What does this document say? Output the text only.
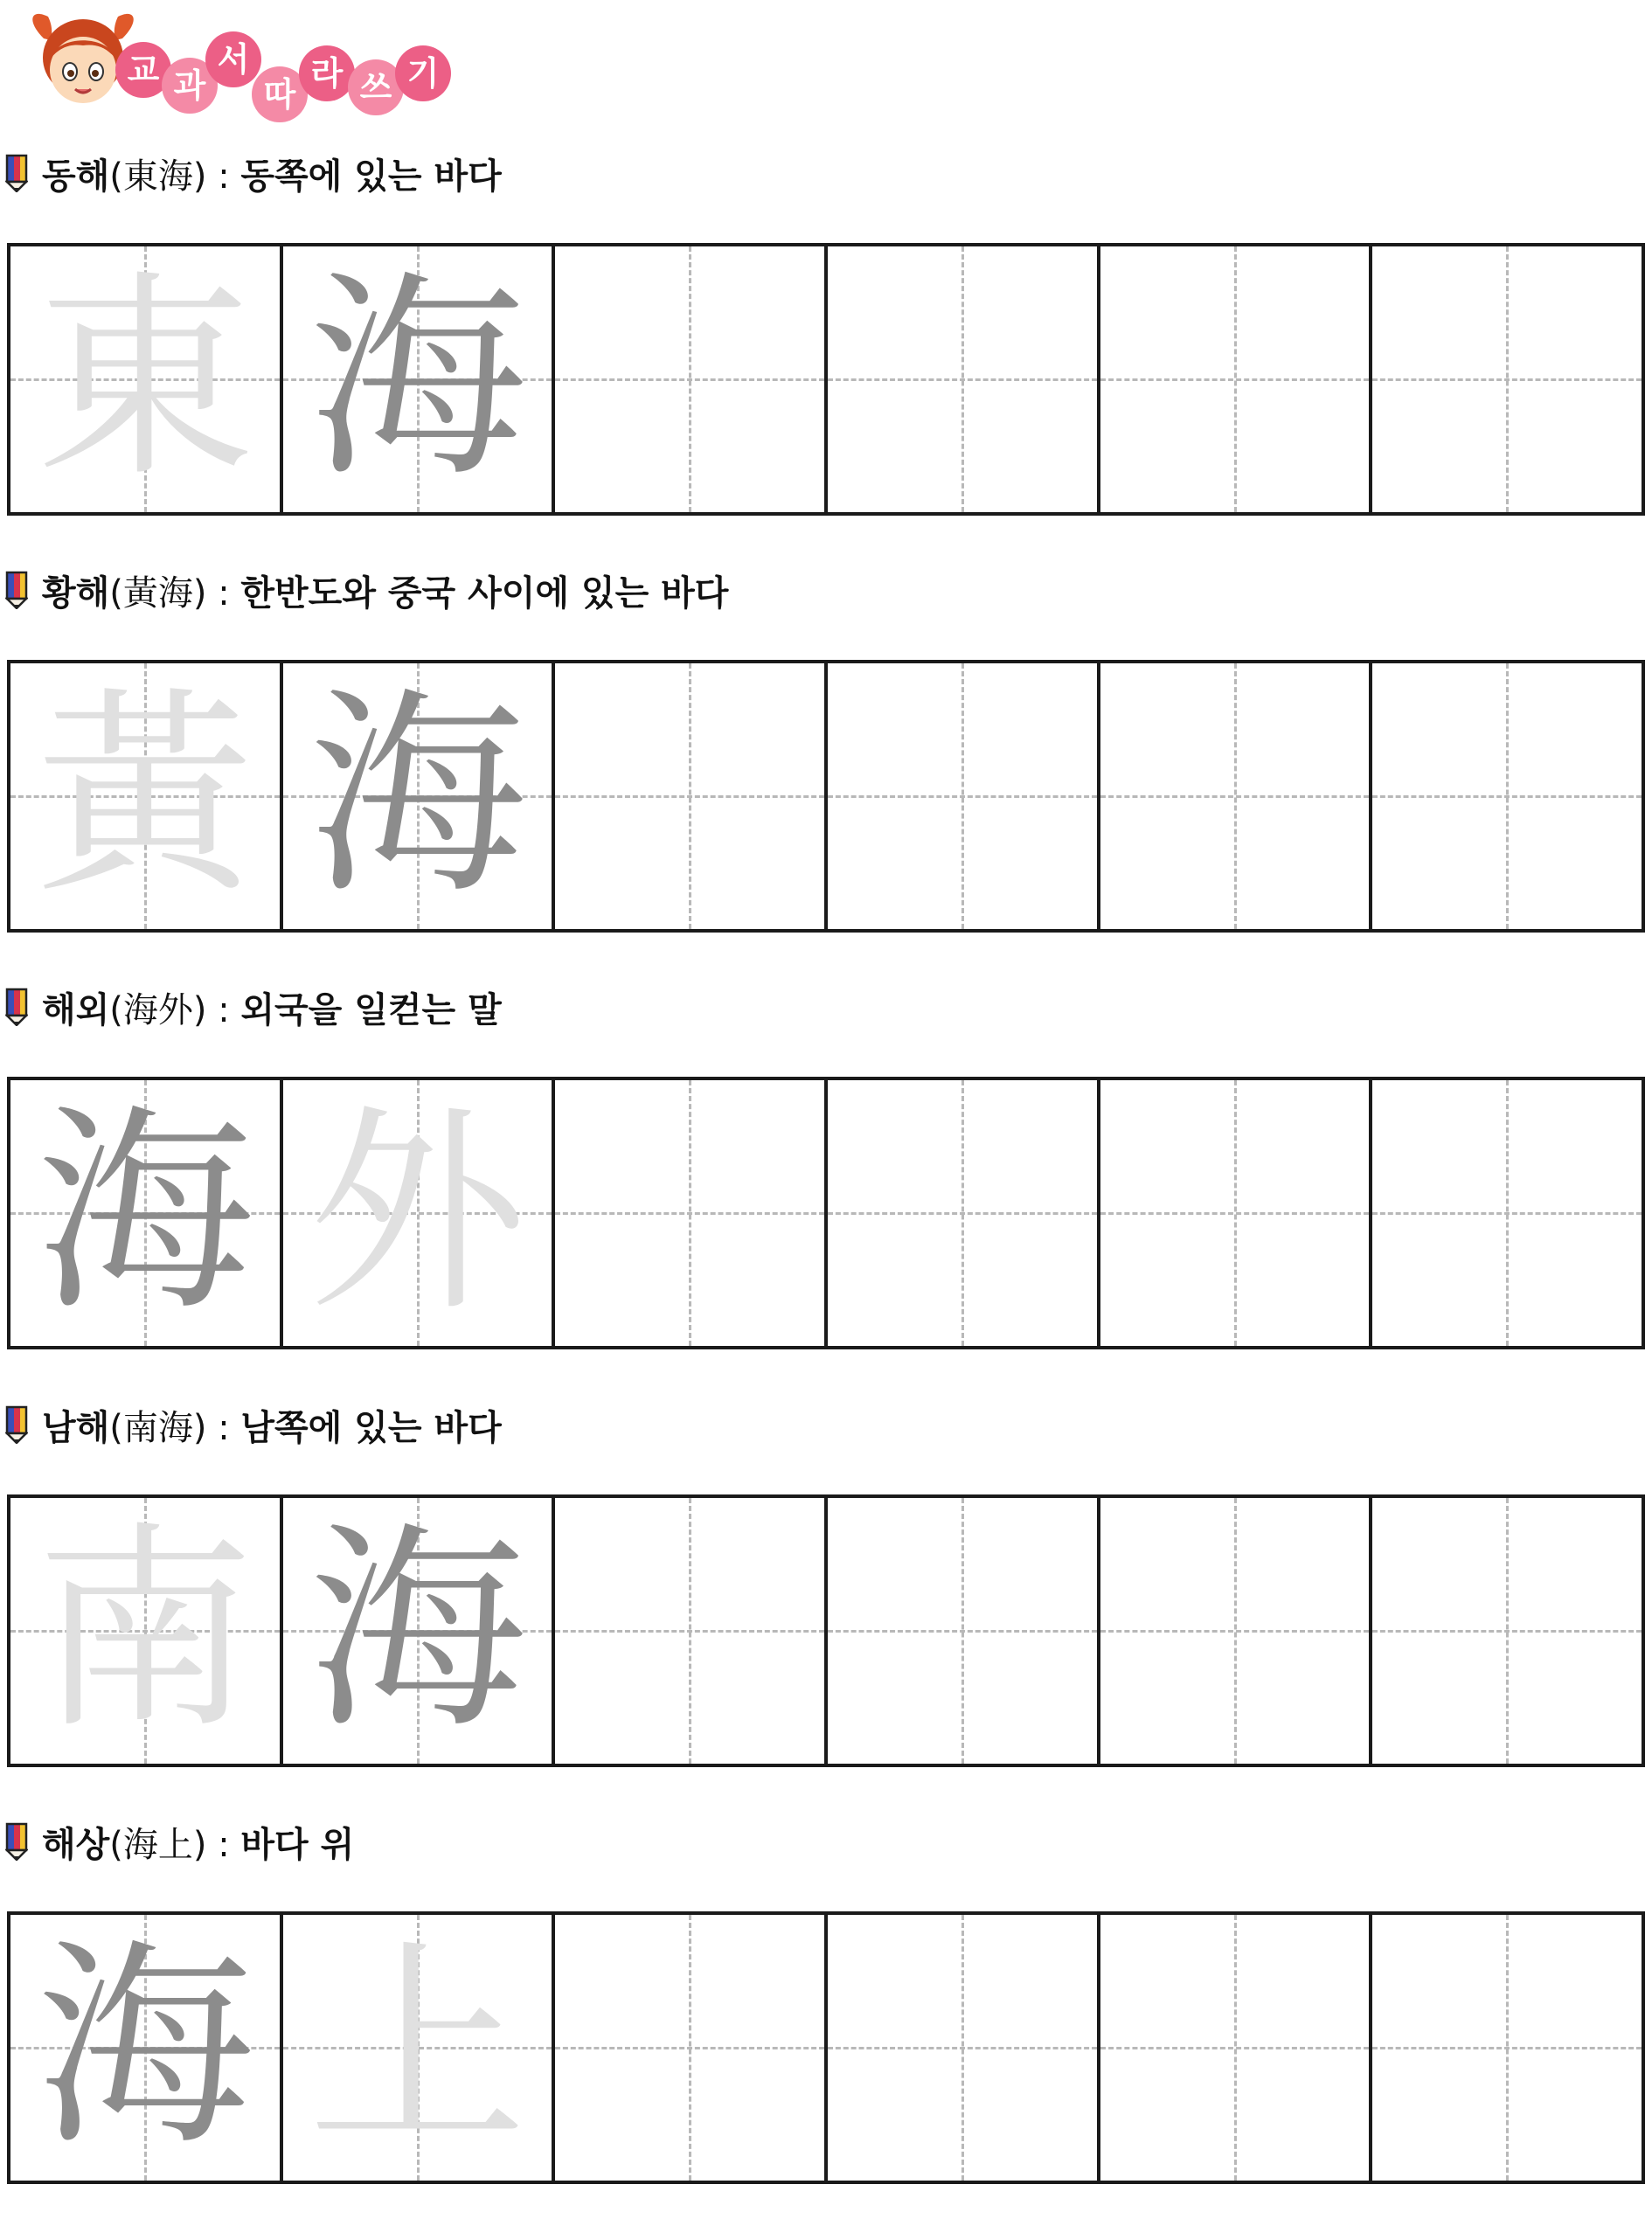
교 과
서
따
라 쓰 기
동해(東海) : 동쪽에 있는 바다
東 海
황해(黃海) : 한반도와 중국 사이에 있는 바다
黃 海
해외(海外) : 외국을 일컫는 말
海 外
남해(南海) : 남쪽에 있는 바다
南 海
해상(海上) : 바다 위
海 上
